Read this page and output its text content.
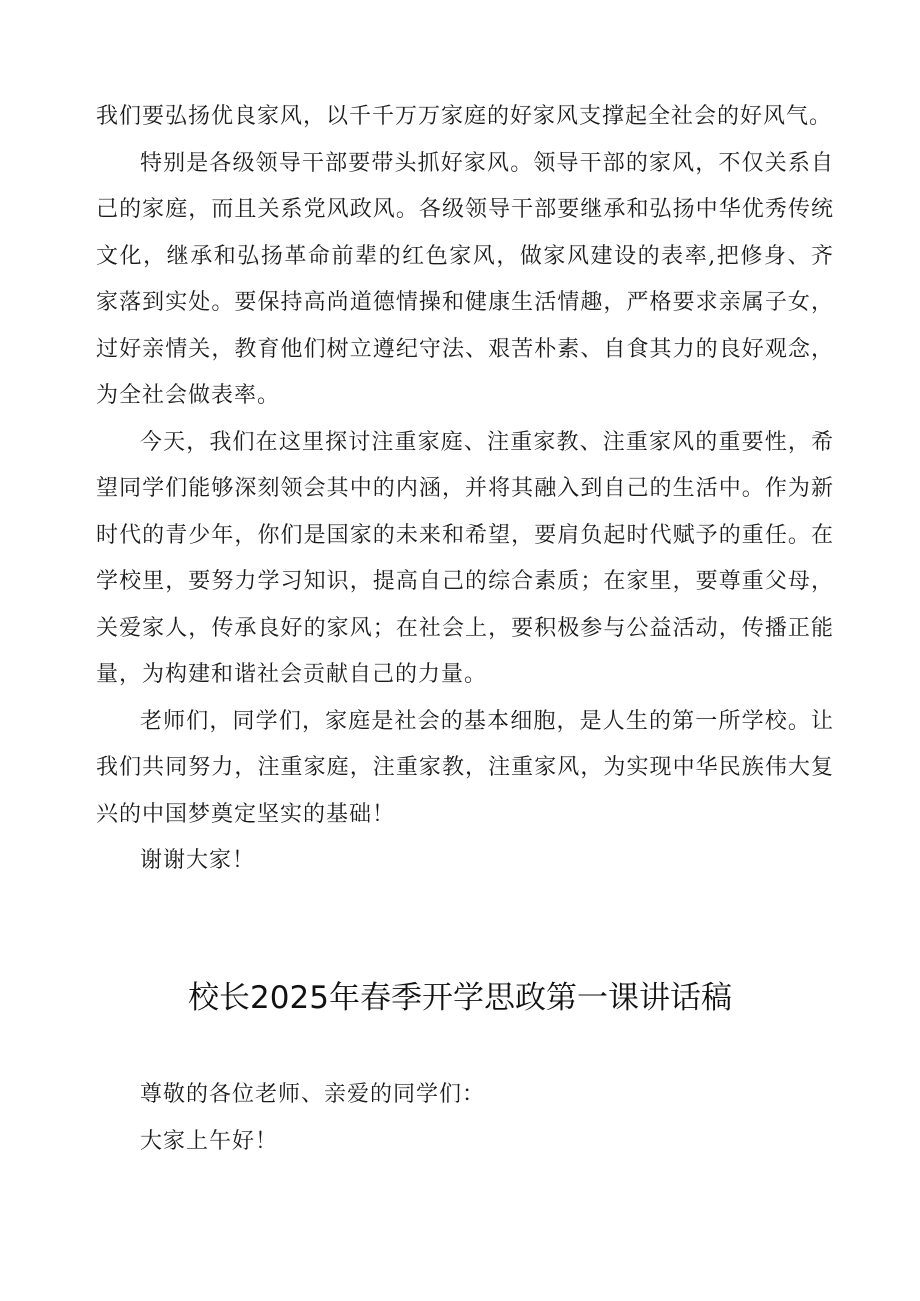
我们要弘扬优良家风，以千千万万家庭的好家风支撑起全社会的好风气。

特别是各级领导干部要带头抓好家风。领导干部的家风，不仅关系自己的家庭，而且关系党风政风。各级领导干部要继承和弘扬中华优秀传统文化，继承和弘扬革命前辈的红色家风，做家风建设的表率,把修身、齐家落到实处。要保持高尚道德情操和健康生活情趣，严格要求亲属子女，过好亲情关，教育他们树立遵纪守法、艰苦朴素、自食其力的良好观念，为全社会做表率。

今天，我们在这里探讨注重家庭、注重家教、注重家风的重要性，希望同学们能够深刻领会其中的内涵，并将其融入到自己的生活中。作为新时代的青少年，你们是国家的未来和希望，要肩负起时代赋予的重任。在学校里，要努力学习知识，提高自己的综合素质；在家里，要尊重父母，关爱家人，传承良好的家风；在社会上，要积极参与公益活动，传播正能量，为构建和谐社会贡献自己的力量。

老师们，同学们，家庭是社会的基本细胞，是人生的第一所学校。让我们共同努力，注重家庭，注重家教，注重家风，为实现中华民族伟大复兴的中国梦奠定坚实的基础！

谢谢大家！

校长2025年春季开学思政第一课讲话稿

尊敬的各位老师、亲爱的同学们：

大家上午好！
